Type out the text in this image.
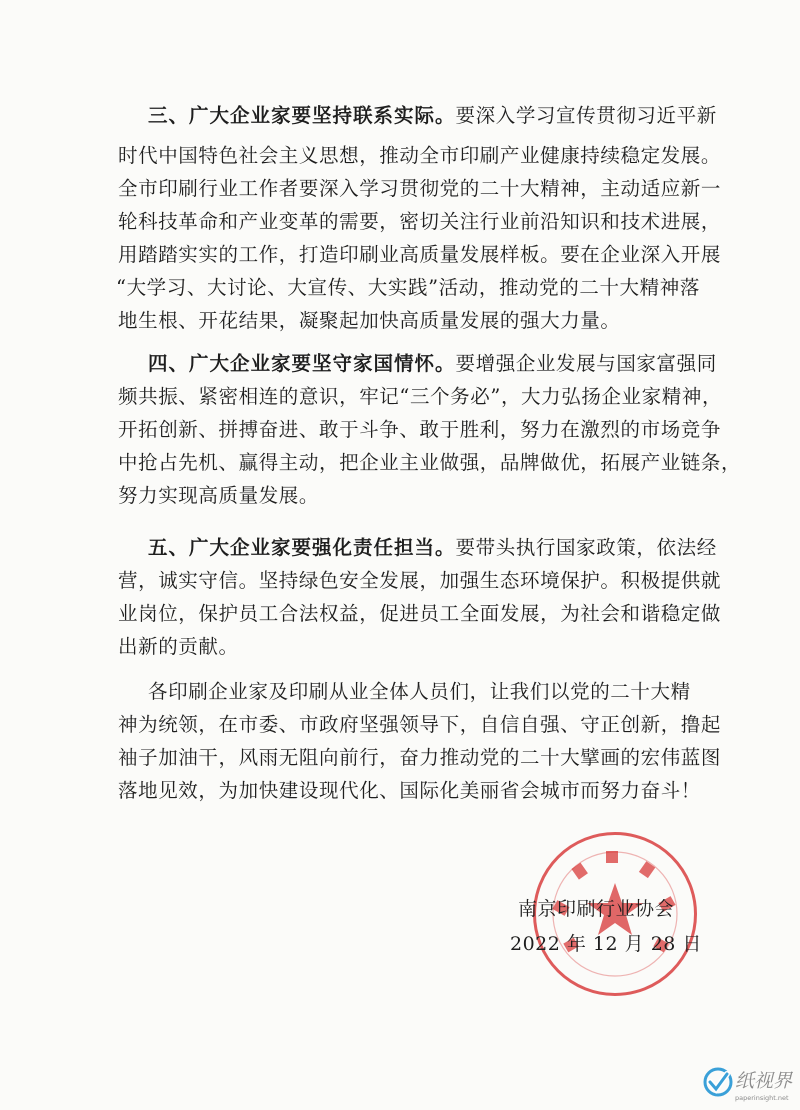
三、广大企业家要坚持联系实际。要深入学习宣传贯彻习近平新
时代中国特色社会主义思想，推动全市印刷产业健康持续稳定发展。
全市印刷行业工作者要深入学习贯彻党的二十大精神，主动适应新一
轮科技革命和产业变革的需要，密切关注行业前沿知识和技术进展，
用踏踏实实的工作，打造印刷业高质量发展样板。要在企业深入开展
“大学习、大讨论、大宣传、大实践”活动，推动党的二十大精神落
地生根、开花结果，凝聚起加快高质量发展的强大力量。
四、广大企业家要坚守家国情怀。要增强企业发展与国家富强同
频共振、紧密相连的意识，牢记“三个务必”，大力弘扬企业家精神，
开拓创新、拼搏奋进、敢于斗争、敢于胜利，努力在激烈的市场竞争
中抢占先机、赢得主动，把企业主业做强，品牌做优，拓展产业链条，
努力实现高质量发展。
五、广大企业家要强化责任担当。要带头执行国家政策，依法经
营，诚实守信。坚持绿色安全发展，加强生态环境保护。积极提供就
业岗位，保护员工合法权益，促进员工全面发展，为社会和谐稳定做
出新的贡献。
各印刷企业家及印刷从业全体人员们，让我们以党的二十大精
神为统领，在市委、市政府坚强领导下，自信自强、守正创新，撸起
袖子加油干，风雨无阻向前行，奋力推动党的二十大擘画的宏伟蓝图
落地见效，为加快建设现代化、国际化美丽省会城市而努力奋斗！
南京印刷行业协会
2022 年 12 月 28 日
纸视界
paperinsight.net
